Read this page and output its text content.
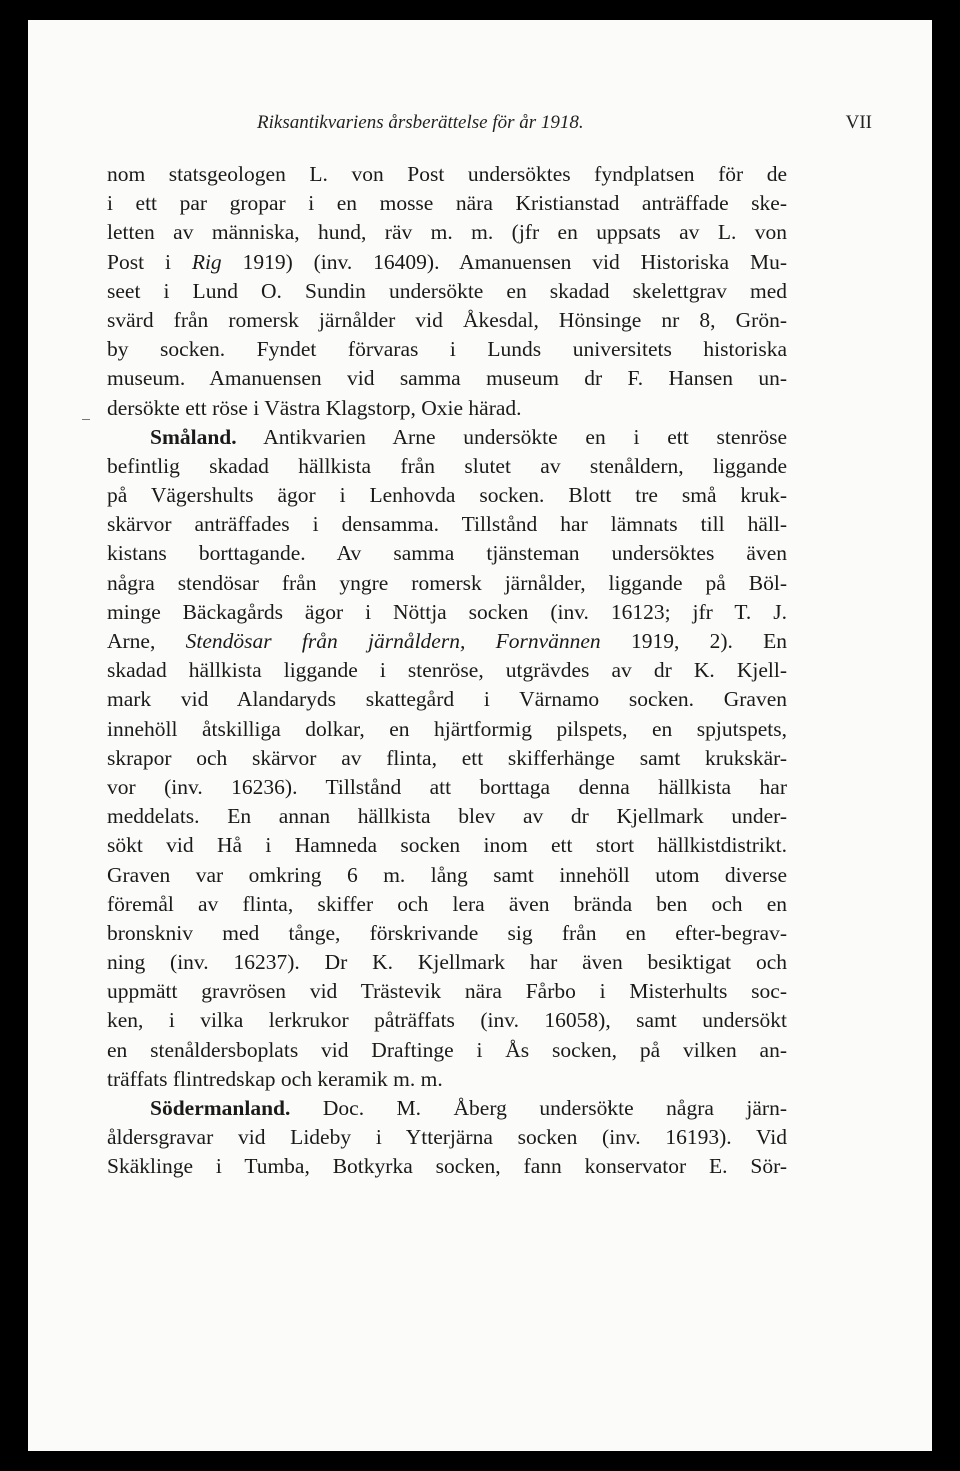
Riksantikvariens årsberättelse för år 1918.	VII
nom statsgeologen L. von Post undersöktes fyndplatsen för de
i ett par gropar i en mosse nära Kristianstad anträffade ske-
letten av människa, hund, räv m. m. (jfr en uppsats av L. von
Post i Rig 1919) (inv. 16409). Amanuensen vid Historiska Mu-
seet i Lund O. Sundin undersökte en skadad skelettgrav med
svärd från romersk järnålder vid Åkesdal, Hönsinge nr 8, Grön-
by socken. Fyndet förvaras i Lunds universitets historiska
museum. Amanuensen vid samma museum dr F. Hansen un-
dersökte ett röse i Västra Klagstorp, Oxie härad.
Småland. Antikvarien Arne undersökte en i ett stenröse
befintlig skadad hällkista från slutet av stenåldern, liggande
på Vägershults ägor i Lenhovda socken. Blott tre små kruk-
skärvor anträffades i densamma. Tillstånd har lämnats till häll-
kistans borttagande. Av samma tjänsteman undersöktes även
några stendösar från yngre romersk järnålder, liggande på Böl-
minge Bäckagårds ägor i Nöttja socken (inv. 16123; jfr T. J.
Arne, Stendösar från järnåldern, Fornvännen 1919, 2). En
skadad hällkista liggande i stenröse, utgrävdes av dr K. Kjell-
mark vid Alandaryds skattegård i Värnamo socken. Graven
innehöll åtskilliga dolkar, en hjärtformig pilspets, en spjutspets,
skrapor och skärvor av flinta, ett skifferhänge samt krukskär-
vor (inv. 16236). Tillstånd att borttaga denna hällkista har
meddelats. En annan hällkista blev av dr Kjellmark under-
sökt vid Hå i Hamneda socken inom ett stort hällkistdistrikt.
Graven var omkring 6 m. lång samt innehöll utom diverse
föremål av flinta, skiffer och lera även brända ben och en
bronskniv med tånge, förskrivande sig från en efter-begrav-
ning (inv. 16237). Dr K. Kjellmark har även besiktigat och
uppmätt gravrösen vid Trästevik nära Fårbo i Misterhults soc-
ken, i vilka lerkrukor påträffats (inv. 16058), samt undersökt
en stenåldersboplats vid Draftinge i Ås socken, på vilken an-
träffats flintredskap och keramik m. m.
Södermanland. Doc. M. Åberg undersökte några järn-
åldersgravar vid Lideby i Ytterjärna socken (inv. 16193). Vid
Skäklinge i Tumba, Botkyrka socken, fann konservator E. Sör-
